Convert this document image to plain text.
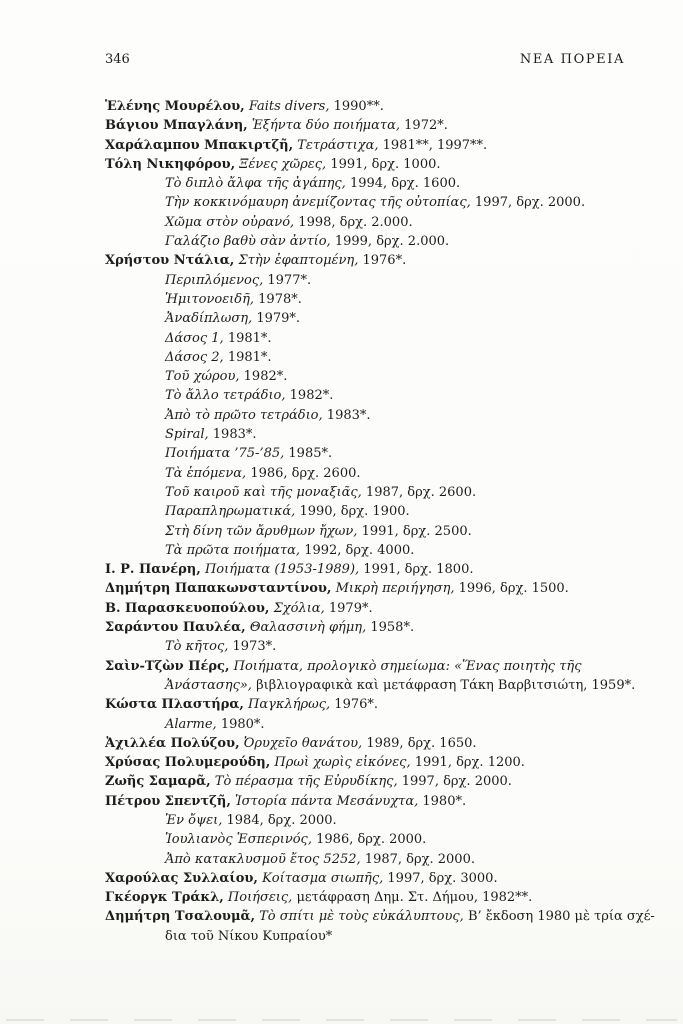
346	ΝΕΑ ΠΟΡΕΙΑ
Ἑλένης Μουρέλου, Faits divers, 1990**.
Βάγιου Μπαγλάνη, Ἑξήντα δύο ποιήματα, 1972*.
Χαράλαμπου Μπακιρτζῆ, Τετράστιχα, 1981**, 1997**.
Τόλη Νικηφόρου, Ξένες χῶρες, 1991, δρχ. 1000.
Τὸ διπλὸ ἄλφα τῆς ἀγάπης, 1994, δρχ. 1600.
Τὴν κοκκινόμαυρη ἀνεμίζοντας τῆς οὐτοπίας, 1997, δρχ. 2000.
Χῶμα στὸν οὐρανό, 1998, δρχ. 2.000.
Γαλάζιο βαθὺ σὰν ἀντίο, 1999, δρχ. 2.000.
Χρήστου Ντάλια, Στὴν ἐφαπτομένη, 1976*.
Περιπλόμενος, 1977*.
Ἡμιτονοειδῆ, 1978*.
Ἀναδίπλωση, 1979*.
Δάσος 1, 1981*.
Δάσος 2, 1981*.
Τοῦ χώρου, 1982*.
Τὸ ἄλλο τετράδιο, 1982*.
Ἀπὸ τὸ πρῶτο τετράδιο, 1983*.
Spiral, 1983*.
Ποιήματα ’75-’85, 1985*.
Τὰ ἑπόμενα, 1986, δρχ. 2600.
Τοῦ καιροῦ καὶ τῆς μοναξιᾶς, 1987, δρχ. 2600.
Παραπληρωματικά, 1990, δρχ. 1900.
Στὴ δίνη τῶν ἄρυθμων ἤχων, 1991, δρχ. 2500.
Τὰ πρῶτα ποιήματα, 1992, δρχ. 4000.
Ι. Ρ. Πανέρη, Ποιήματα (1953-1989), 1991, δρχ. 1800.
Δημήτρη Παπακωνσταντίνου, Μικρὴ περιήγηση, 1996, δρχ. 1500.
Β. Παρασκευοπούλου, Σχόλια, 1979*.
Σαράντου Παυλέα, Θαλασσινὴ φήμη, 1958*.
Τὸ κῆτος, 1973*.
Σαὶν-Τζὼν Πέρς, Ποιήματα, προλογικὸ σημείωμα: «Ἕνας ποιητὴς τῆς
Ἀνάστασης», βιβλιογραφικὰ καὶ μετάφραση Τάκη Βαρβιτσιώτη, 1959*.
Κώστα Πλαστήρα, Παγκλήρως, 1976*.
Alarme, 1980*.
Ἀχιλλέα Πολύζου, Ὀρυχεῖο θανάτου, 1989, δρχ. 1650.
Χρύσας Πολυμερούδη, Πρωὶ χωρὶς εἰκόνες, 1991, δρχ. 1200.
Ζωῆς Σαμαρᾶ, Τὸ πέρασμα τῆς Εὐρυδίκης, 1997, δρχ. 2000.
Πέτρου Σπεντζῆ, Ἱστορία πάντα Μεσάνυχτα, 1980*.
Ἐν ὄψει, 1984, δρχ. 2000.
Ἰουλιανὸς Ἑσπερινός, 1986, δρχ. 2000.
Ἀπὸ κατακλυσμοῦ ἔτος 5252, 1987, δρχ. 2000.
Χαρούλας Συλλαίου, Κοίτασμα σιωπῆς, 1997, δρχ. 3000.
Γκέοργκ Τράκλ, Ποιήσεις, μετάφραση Δημ. Στ. Δήμου, 1982**.
Δημήτρη Τσαλουμᾶ, Τὸ σπίτι μὲ τοὺς εὐκάλυπτους, Β’ ἔκδοση 1980 μὲ τρία σχέ-
δια τοῦ Νίκου Κυπραίου*
